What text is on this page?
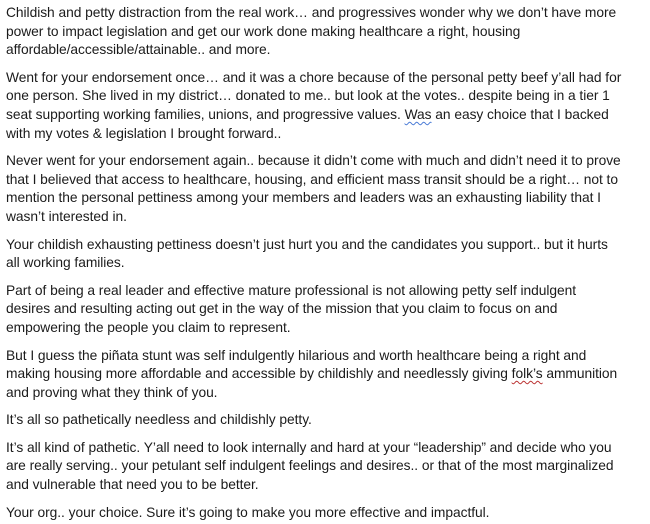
Childish and petty distraction from the real work… and progressives wonder why we don’t have more
power to impact legislation and get our work done making healthcare a right, housing
affordable/accessible/attainable.. and more.

Went for your endorsement once… and it was a chore because of the personal petty beef y’all had for
one person. She lived in my district… donated to me.. but look at the votes.. despite being in a tier 1
seat supporting working families, unions, and progressive values. Was an easy choice that I backed
with my votes & legislation I brought forward..

Never went for your endorsement again.. because it didn’t come with much and didn’t need it to prove
that I believed that access to healthcare, housing, and efficient mass transit should be a right… not to
mention the personal pettiness among your members and leaders was an exhausting liability that I
wasn’t interested in.

Your childish exhausting pettiness doesn’t just hurt you and the candidates you support.. but it hurts
all working families.

Part of being a real leader and effective mature professional is not allowing petty self indulgent
desires and resulting acting out get in the way of the mission that you claim to focus on and
empowering the people you claim to represent.

But I guess the piñata stunt was self indulgently hilarious and worth healthcare being a right and
making housing more affordable and accessible by childishly and needlessly giving folk’s ammunition
and proving what they think of you.

It’s all so pathetically needless and childishly petty.

It’s all kind of pathetic. Y’all need to look internally and hard at your “leadership” and decide who you
are really serving.. your petulant self indulgent feelings and desires.. or that of the most marginalized
and vulnerable that need you to be better.

Your org.. your choice. Sure it’s going to make you more effective and impactful.
